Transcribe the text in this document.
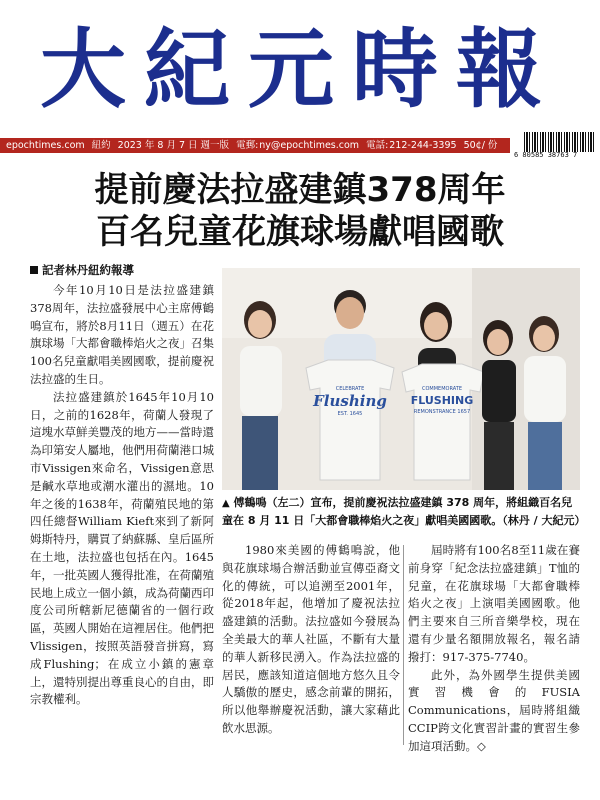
大紀元時報
epochtimes.com 紐約 2023 年 8 月 7 日 週一版 電郵:ny@epochtimes.com 電話:212-244-3395 50¢/ 份
6 80585 38763 7
提前慶法拉盛建鎮378周年
百名兒童花旗球場獻唱國歌
記者林丹紐約報導

今年10月10日是法拉盛建鎮378周年，法拉盛發展中心主席傅鶴鳴宣布，將於8月11日（週五）在花旗球場「大都會職棒焰火之夜」召集100名兒童獻唱美國國歌，提前慶祝法拉盛的生日。

法拉盛建鎮於1645年10月10日，之前的1628年，荷蘭人發現了這塊水草鮮美豐茂的地方——當時還為印第安人屬地，他們用荷蘭港口城市Vissigen來命名，Vissigen意思是鹹水草地或潮水灌出的濕地。10年之後的1638年，荷蘭殖民地的第四任總督William Kieft來到了新阿姆斯特丹，購買了納蘇縣、皇后區所在土地，法拉盛也包括在內。1645年，一批英國人獲得批准，在荷蘭殖民地上成立一個小鎮，成為荷蘭西印度公司所轄新尼德蘭省的一個行政區，英國人開始在這裡居住。他們把Vlissigen，按照英語發音拼寫，寫成Flushing；在成立小鎮的憲章上，還特別提出尊重良心的自由，即宗教權利。

CELEBRATE
Flushing
EST. 1645
COMMEMORATE
FLUSHING
REMONSTRANCE 1657
▲ 傅鶴鳴（左二）宣布，提前慶祝法拉盛建鎮 378 周年，將組織百名兒童在 8 月 11 日「大都會職棒焰火之夜」獻唱美國國歌。（林丹 / 大紀元）

1980來美國的傅鶴鳴說，他與花旗球場合辦活動並宣傳亞裔文化的傳統，可以追溯至2001年，從2018年起，他增加了慶祝法拉盛建鎮的活動。法拉盛如今發展為全美最大的華人社區，不斷有大量的華人新移民湧入。作為法拉盛的居民，應該知道這個地方悠久且令人驕傲的歷史，感念前輩的開拓，所以他舉辦慶祝活動，讓大家藉此飲水思源。

屆時將有100名8至11歲在賽前身穿「紀念法拉盛建鎮」T恤的兒童，在花旗球場「大都會職棒焰火之夜」上演唱美國國歌。他們主要來自三所音樂學校，現在還有少量名額開放報名，報名請撥打：917-375-7740。

此外，為外國學生提供美國實習機會的FUSIA Communications，屆時將組織CCIP跨文化實習計畫的實習生參加這項活動。◇
